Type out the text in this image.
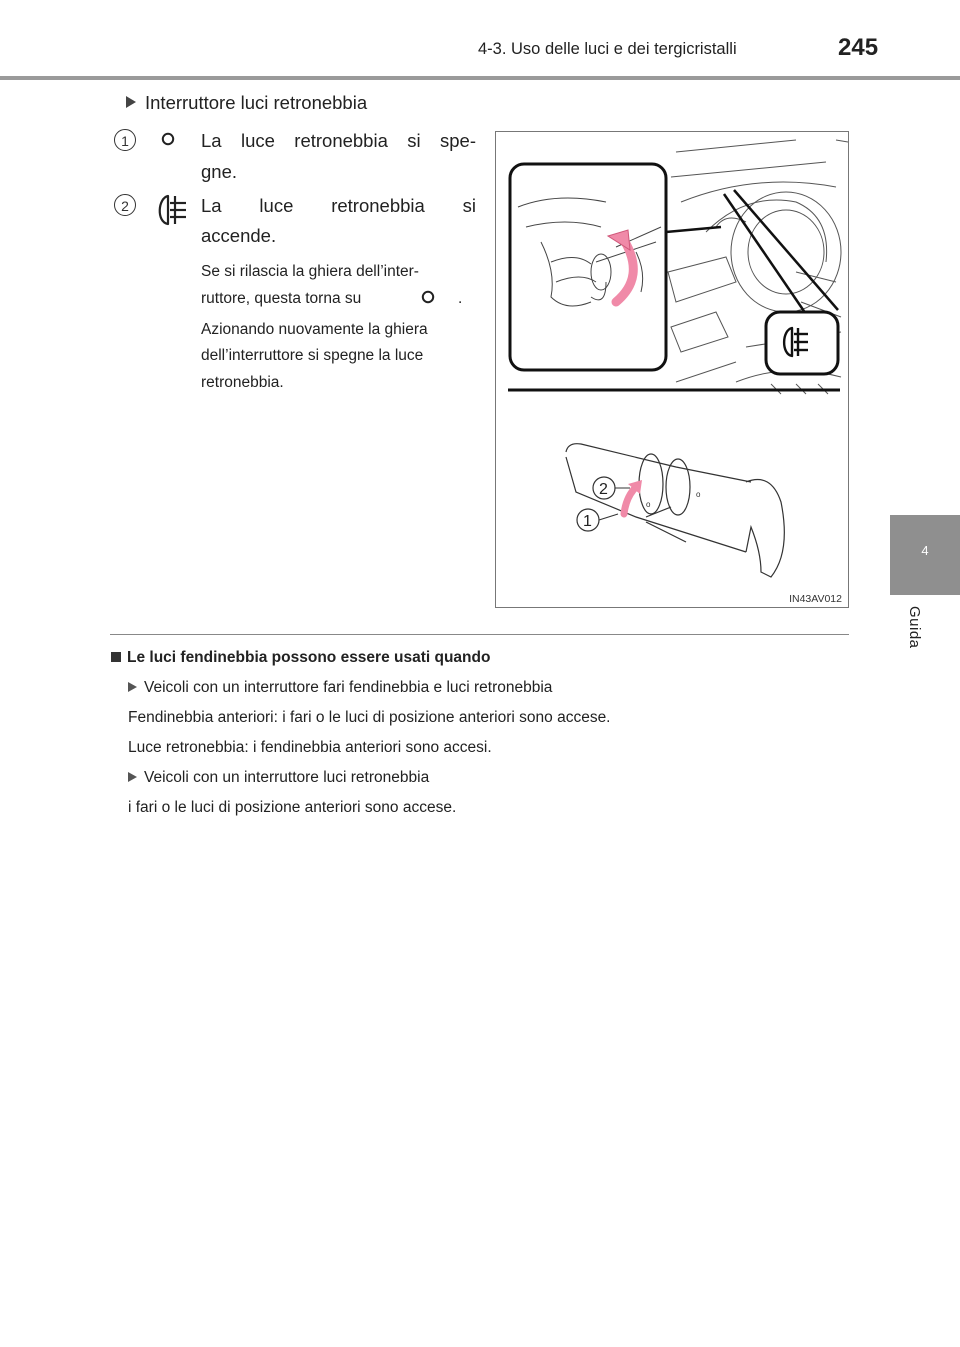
4-3. Uso delle luci e dei tergicristalli	245
4
Guida
Interruttore luci retronebbia
1	La luce retronebbia si spe-
gne.
2	La luce retronebbia si
accende.
Se si rilascia la ghiera dell’inter-
ruttore, questa torna su	.
Azionando nuovamente la ghiera
dell’interruttore si spegne la luce
retronebbia.
o
o
2
1
IN43AV012
Le luci fendinebbia possono essere usati quando
Veicoli con un interruttore fari fendinebbia e luci retronebbia
Fendinebbia anteriori: i fari o le luci di posizione anteriori sono accese.
Luce retronebbia: i fendinebbia anteriori sono accesi.
Veicoli con un interruttore luci retronebbia
i fari o le luci di posizione anteriori sono accese.
